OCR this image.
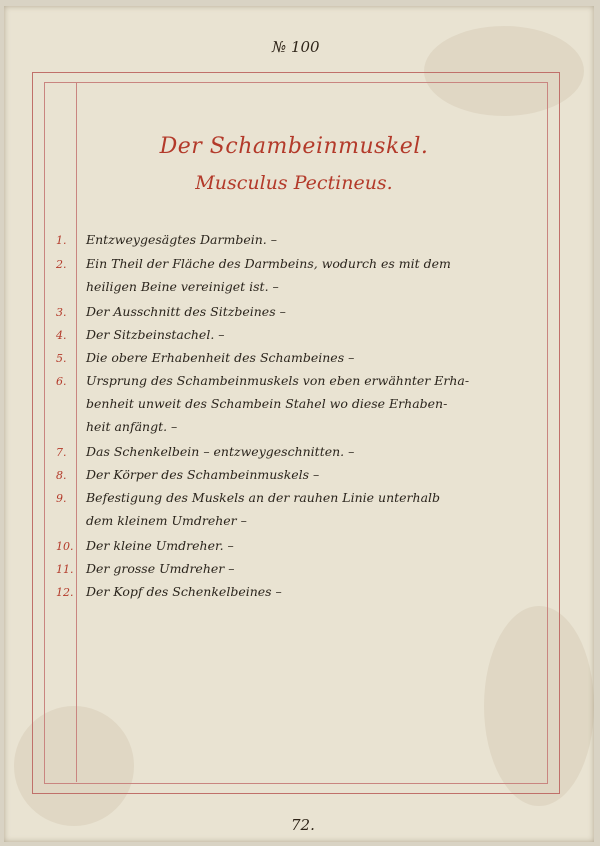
№ 100
Der Schambeinmuskel.
Musculus Pectineus.
1.	Entzweygesägtes Darmbein. –
2.	Ein Theil der Fläche des Darmbeins, wodurch es mit dem
heiligen Beine vereiniget ist. –
3.	Der Ausschnitt des Sitzbeines –
4.	Der Sitzbeinstachel. –
5.	Die obere Erhabenheit des Schambeines –
6.	Ursprung des Schambeinmuskels von eben erwähnter Erha-
benheit unweit des Schambein Stahel wo diese Erhaben-
heit anfängt. –
7.	Das Schenkelbein – entzweygeschnitten. –
8.	Der Körper des Schambeinmuskels –
9.	Befestigung des Muskels an der rauhen Linie unterhalb
dem kleinem Umdreher –
10.	Der kleine Umdreher. –
11.	Der grosse Umdreher –
12.	Der Kopf des Schenkelbeines –
72.
